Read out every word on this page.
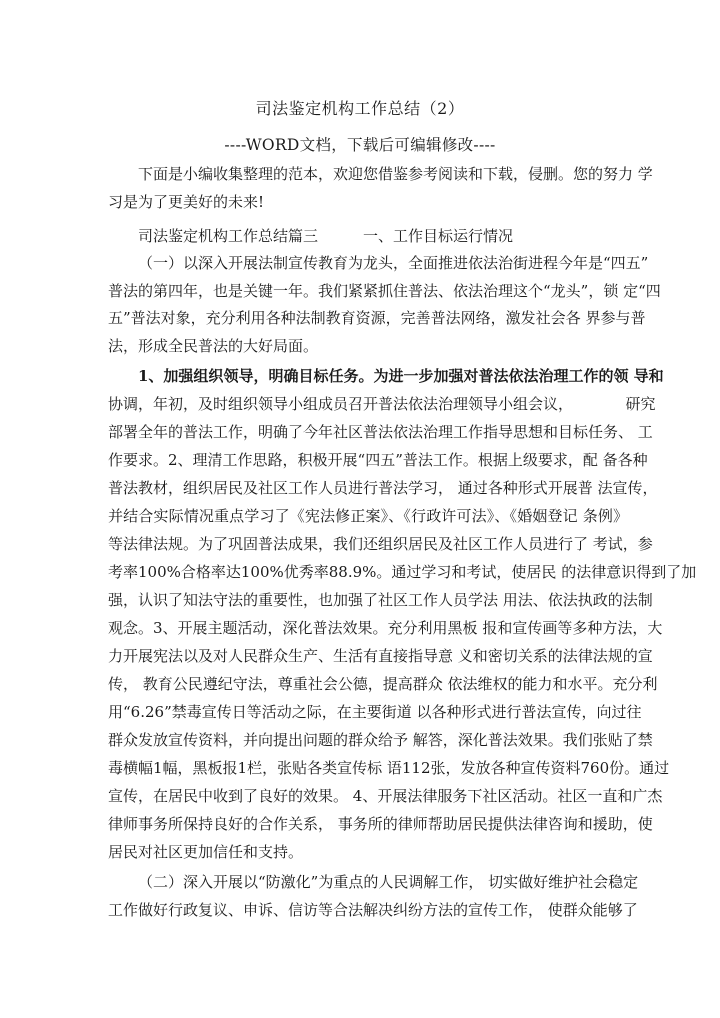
司法鉴定机构工作总结（2）
----WORD文档，下载后可编辑修改----
下面是小编收集整理的范本，欢迎您借鉴参考阅读和下载，侵删。您的努力 学
习是为了更美好的未来!
司法鉴定机构工作总结篇三　　　一、工作目标运行情况
（一）以深入开展法制宣传教育为龙头，全面推进依法治街进程今年是“四五”
普法的第四年，也是关键一年。我们紧紧抓住普法、依法治理这个“龙头”，锁 定“四
五”普法对象，充分利用各种法制教育资源，完善普法网络，激发社会各 界参与普
法，形成全民普法的大好局面。
1、加强组织领导，明确目标任务。为进一步加强对普法依法治理工作的领 导和
协调，年初，及时组织领导小组成员召开普法依法治理领导小组会议，　　　　研究
部署全年的普法工作，明确了今年社区普法依法治理工作指导思想和目标任务、 工
作要求。2、理清工作思路，积极开展“四五”普法工作。根据上级要求，配 备各种
普法教材，组织居民及社区工作人员进行普法学习， 通过各种形式开展普 法宣传，
并结合实际情况重点学习了《宪法修正案》、《行政许可法》、《婚姻登记 条例》
等法律法规。为了巩固普法成果，我们还组织居民及社区工作人员进行了 考试，参
考率100%合格率达100%优秀率88.9%。通过学习和考试，使居民 的法律意识得到了加
强，认识了知法守法的重要性，也加强了社区工作人员学法 用法、依法执政的法制
观念。3、开展主题活动，深化普法效果。充分利用黑板 报和宣传画等多种方法，大
力开展宪法以及对人民群众生产、生活有直接指导意 义和密切关系的法律法规的宣
传， 教育公民遵纪守法，尊重社会公德，提高群众 依法维权的能力和水平。充分利
用“6.26”禁毒宣传日等活动之际，在主要街道 以各种形式进行普法宣传，向过往
群众发放宣传资料，并向提出问题的群众给予 解答，深化普法效果。我们张贴了禁
毒横幅1幅，黑板报1栏，张贴各类宣传标 语112张，发放各种宣传资料760份。通过
宣传，在居民中收到了良好的效果。 4、开展法律服务下社区活动。社区一直和广杰
律师事务所保持良好的合作关系， 事务所的律师帮助居民提供法律咨询和援助，使
居民对社区更加信任和支持。
（二）深入开展以“防激化”为重点的人民调解工作， 切实做好维护社会稳定
工作做好行政复议、申诉、信访等合法解决纠纷方法的宣传工作， 使群众能够了
